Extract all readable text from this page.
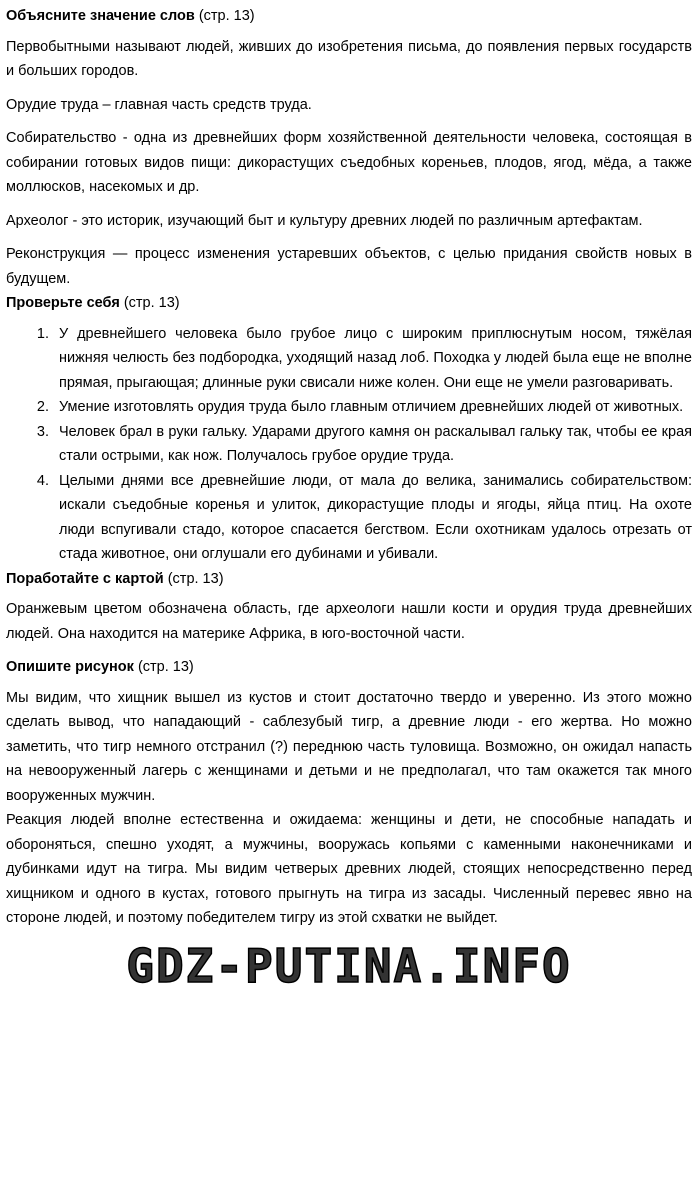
Объясните значение слов (стр. 13)
Первобытными называют людей, живших до изобретения письма, до появления первых государств и больших городов.
Орудие труда – главная часть средств труда.
Собирательство - одна из древнейших форм хозяйственной деятельности человека, состоящая в собирании готовых видов пищи: дикорастущих съедобных кореньев, плодов, ягод, мёда, а также моллюсков, насекомых и др.
Археолог - это историк, изучающий быт и культуру древних людей по различным артефактам.
Реконструкция — процесс изменения устаревших объектов, с целью придания свойств новых в будущем.
Проверьте себя (стр. 13)
1. У древнейшего человека было грубое лицо с широким приплюснутым носом, тяжёлая нижняя челюсть без подбородка, уходящий назад лоб. Походка у людей была еще не вполне прямая, прыгающая; длинные руки свисали ниже колен. Они еще не умели разговаривать.
2. Умение изготовлять орудия труда было главным отличием древнейших людей от животных.
3. Человек брал в руки гальку. Ударами другого камня он раскалывал гальку так, чтобы ее края стали острыми, как нож. Получалось грубое орудие труда.
4. Целыми днями все древнейшие люди, от мала до велика, занимались собирательством: искали съедобные коренья и улиток, дикорастущие плоды и ягоды, яйца птиц. На охоте люди вспугивали стадо, которое спасается бегством. Если охотникам удалось отрезать от стада животное, они оглушали его дубинами и убивали.
Поработайте с картой (стр. 13)
Оранжевым цветом обозначена область, где археологи нашли кости и орудия труда древнейших людей. Она находится на материке Африка, в юго-восточной части.
Опишите рисунок (стр. 13)
Мы видим, что хищник вышел из кустов и стоит достаточно твердо и уверенно. Из этого можно сделать вывод, что нападающий - саблезубый тигр, а древние люди - его жертва. Но можно заметить, что тигр немного отстранил (?) переднюю часть туловища. Возможно, он ожидал напасть на невооруженный лагерь с женщинами и детьми и не предполагал, что там окажется так много вооруженных мужчин.
Реакция людей вполне естественна и ожидаема: женщины и дети, не способные нападать и обороняться, спешно уходят, а мужчины, вооружась копьями с каменными наконечниками и дубинками идут на тигра. Мы видим четверых древних людей, стоящих непосредственно перед хищником и одного в кустах, готового прыгнуть на тигра из засады. Численный перевес явно на стороне людей, и поэтому победителем тигру из этой схватки не выйдет.
GDZ-PUTINA.INFO
